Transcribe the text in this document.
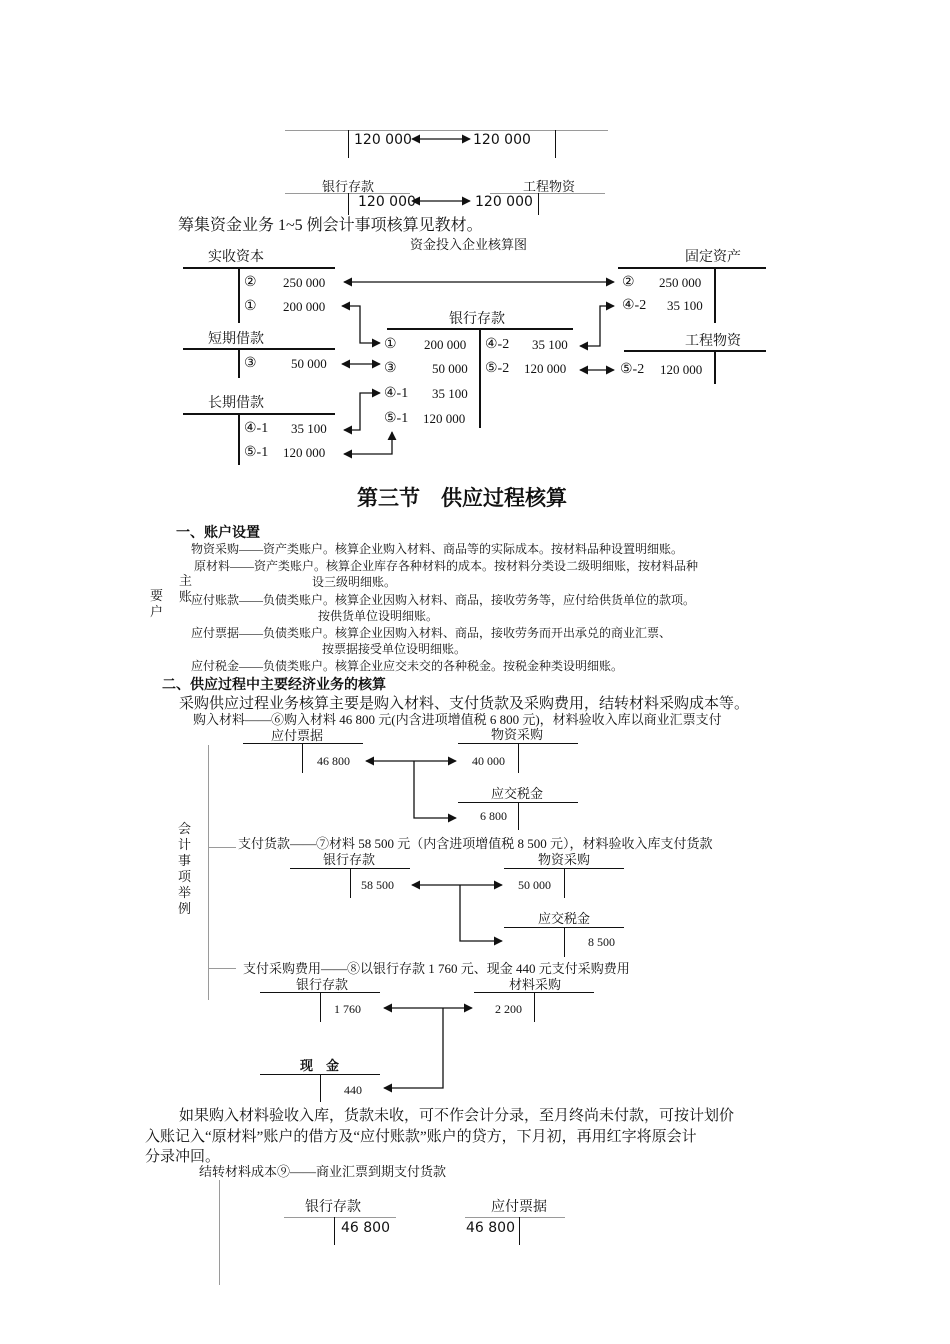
120 000	120 000
银行存款	工程物资
120 000	120 000
筹集资金业务 1~5 例会计事项核算见教材。
资金投入企业核算图
实收资本
② 250 000
① 200 000
短期借款
③	50 000
长期借款
④-1 35 100
⑤-1 120 000
银行存款
① 200 000
③	50 000
④-1 35 100
⑤-1 120 000
④-2 35 100
⑤-2 120 000
固定资产
② 250 000
④-2 35 100
工程物资
⑤-2 120 000
第三节　供应过程核算
一、账户设置
主
账
要
户
物资采购——资产类账户。核算企业购入材料、商品等的实际成本。按材料品种设置明细账。
原材料——资产类账户。核算企业库存各种材料的成本。按材料分类设二级明细账，按材料品种
设三级明细账。
应付账款——负债类账户。核算企业因购入材料、商品，接收劳务等，应付给供货单位的款项。
按供货单位设明细账。
应付票据——负债类账户。核算企业因购入材料、商品，接收劳务而开出承兑的商业汇票、
按票据接受单位设明细账。
应付税金——负债类账户。核算企业应交未交的各种税金。按税金种类设明细账。
二、供应过程中主要经济业务的核算
采购供应过程业务核算主要是购入材料、支付货款及采购费用，结转材料采购成本等。
会
计
事
项
举
例
购入材料——⑥购入材料 46 800 元(内含进项增值税 6 800 元)，材料验收入库以商业汇票支付
应付票据
46 800
物资采购
40 000
应交税金
6 800
支付货款——⑦材料 58 500 元（内含进项增值税 8 500 元），材料验收入库支付货款
银行存款
58 500
物资采购
50 000
应交税金
8 500
支付采购费用——⑧以银行存款 1 760 元、现金 440 元支付采购费用
银行存款
1 760
材料采购
2 200
现　金
440
如果购入材料验收入库，货款未收，可不作会计分录，至月终尚未付款，可按计划价
入账记入“原材料”账户的借方及“应付账款”账户的贷方，下月初，再用红字将原会计
分录冲回。
结转材料成本⑨——商业汇票到期支付货款
银行存款
46 800
应付票据
46 800
